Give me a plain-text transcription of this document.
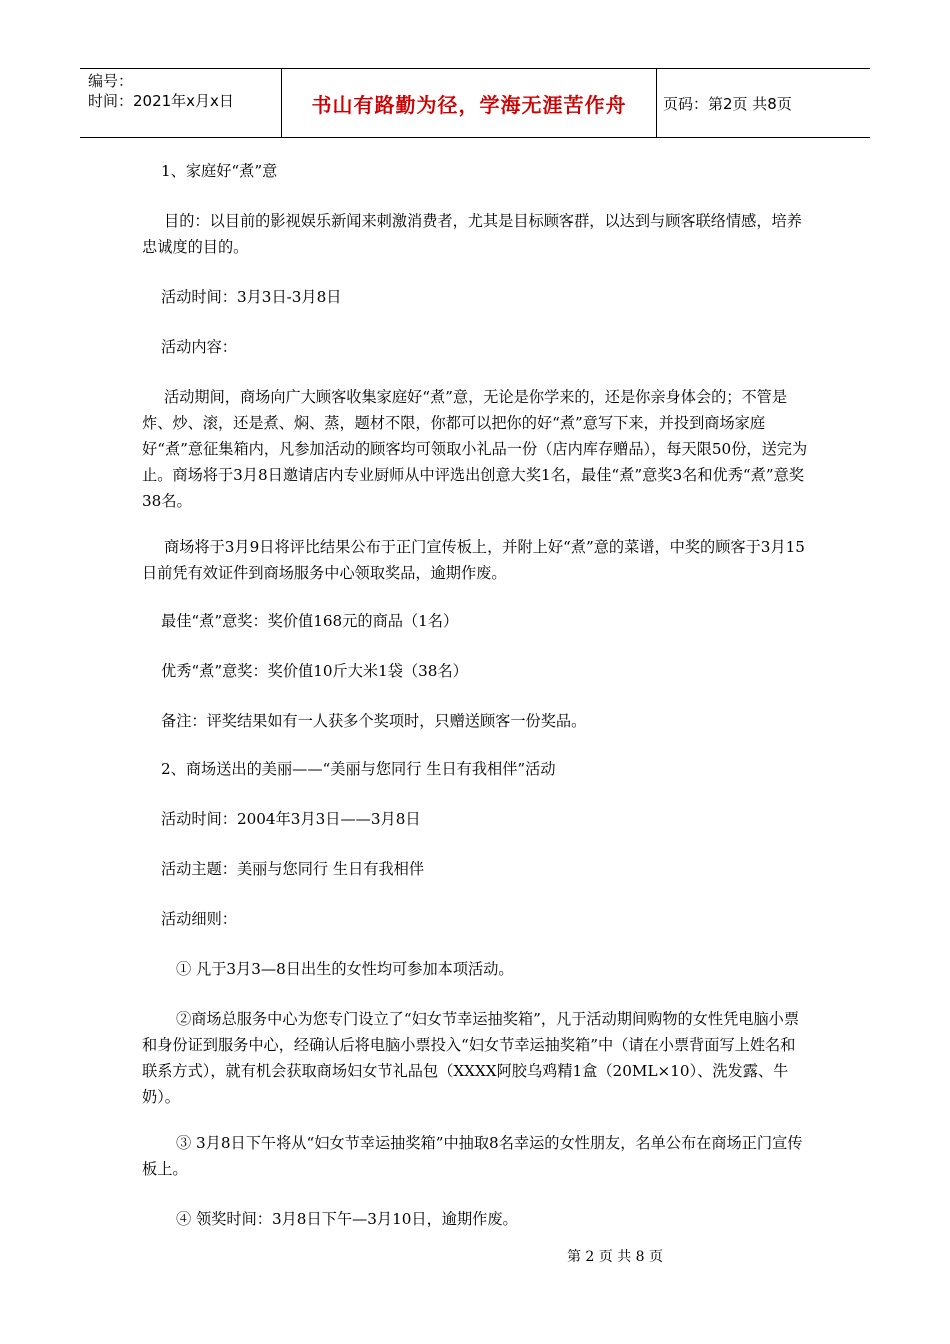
编号：
时间：2021年x月x日	书山有路勤为径，学海无涯苦作舟	页码：第2页 共8页

1、家庭好“煮”意

目的：以目前的影视娱乐新闻来刺激消费者，尤其是目标顾客群，以达到与顾客联络情感，培养忠诚度的目的。

活动时间：3月3日-3月8日

活动内容：

活动期间，商场向广大顾客收集家庭好“煮”意，无论是你学来的，还是你亲身体会的；不管是炸、炒、滚，还是煮、焖、蒸，题材不限，你都可以把你的好“煮”意写下来，并投到商场家庭好“煮”意征集箱内，凡参加活动的顾客均可领取小礼品一份（店内库存赠品），每天限50份，送完为止。商场将于3月8日邀请店内专业厨师从中评选出创意大奖1名，最佳“煮”意奖3名和优秀“煮”意奖38名。

商场将于3月9日将评比结果公布于正门宣传板上，并附上好“煮”意的菜谱，中奖的顾客于3月15日前凭有效证件到商场服务中心领取奖品，逾期作废。

最佳“煮”意奖：奖价值168元的商品（1名）

优秀“煮”意奖：奖价值10斤大米1袋（38名）

备注：评奖结果如有一人获多个奖项时，只赠送顾客一份奖品。

2、商场送出的美丽——“美丽与您同行 生日有我相伴”活动

活动时间：2004年3月3日——3月8日

活动主题：美丽与您同行 生日有我相伴

活动细则：

① 凡于3月3—8日出生的女性均可参加本项活动。

②商场总服务中心为您专门设立了“妇女节幸运抽奖箱”，凡于活动期间购物的女性凭电脑小票和身份证到服务中心，经确认后将电脑小票投入“妇女节幸运抽奖箱”中（请在小票背面写上姓名和联系方式），就有机会获取商场妇女节礼品包（XXXX阿胶乌鸡精1盒（20ML×10）、洗发露、牛奶）。

③ 3月8日下午将从“妇女节幸运抽奖箱”中抽取8名幸运的女性朋友，名单公布在商场正门宣传板上。

④ 领奖时间：3月8日下午—3月10日，逾期作废。

第 2 页 共 8 页
